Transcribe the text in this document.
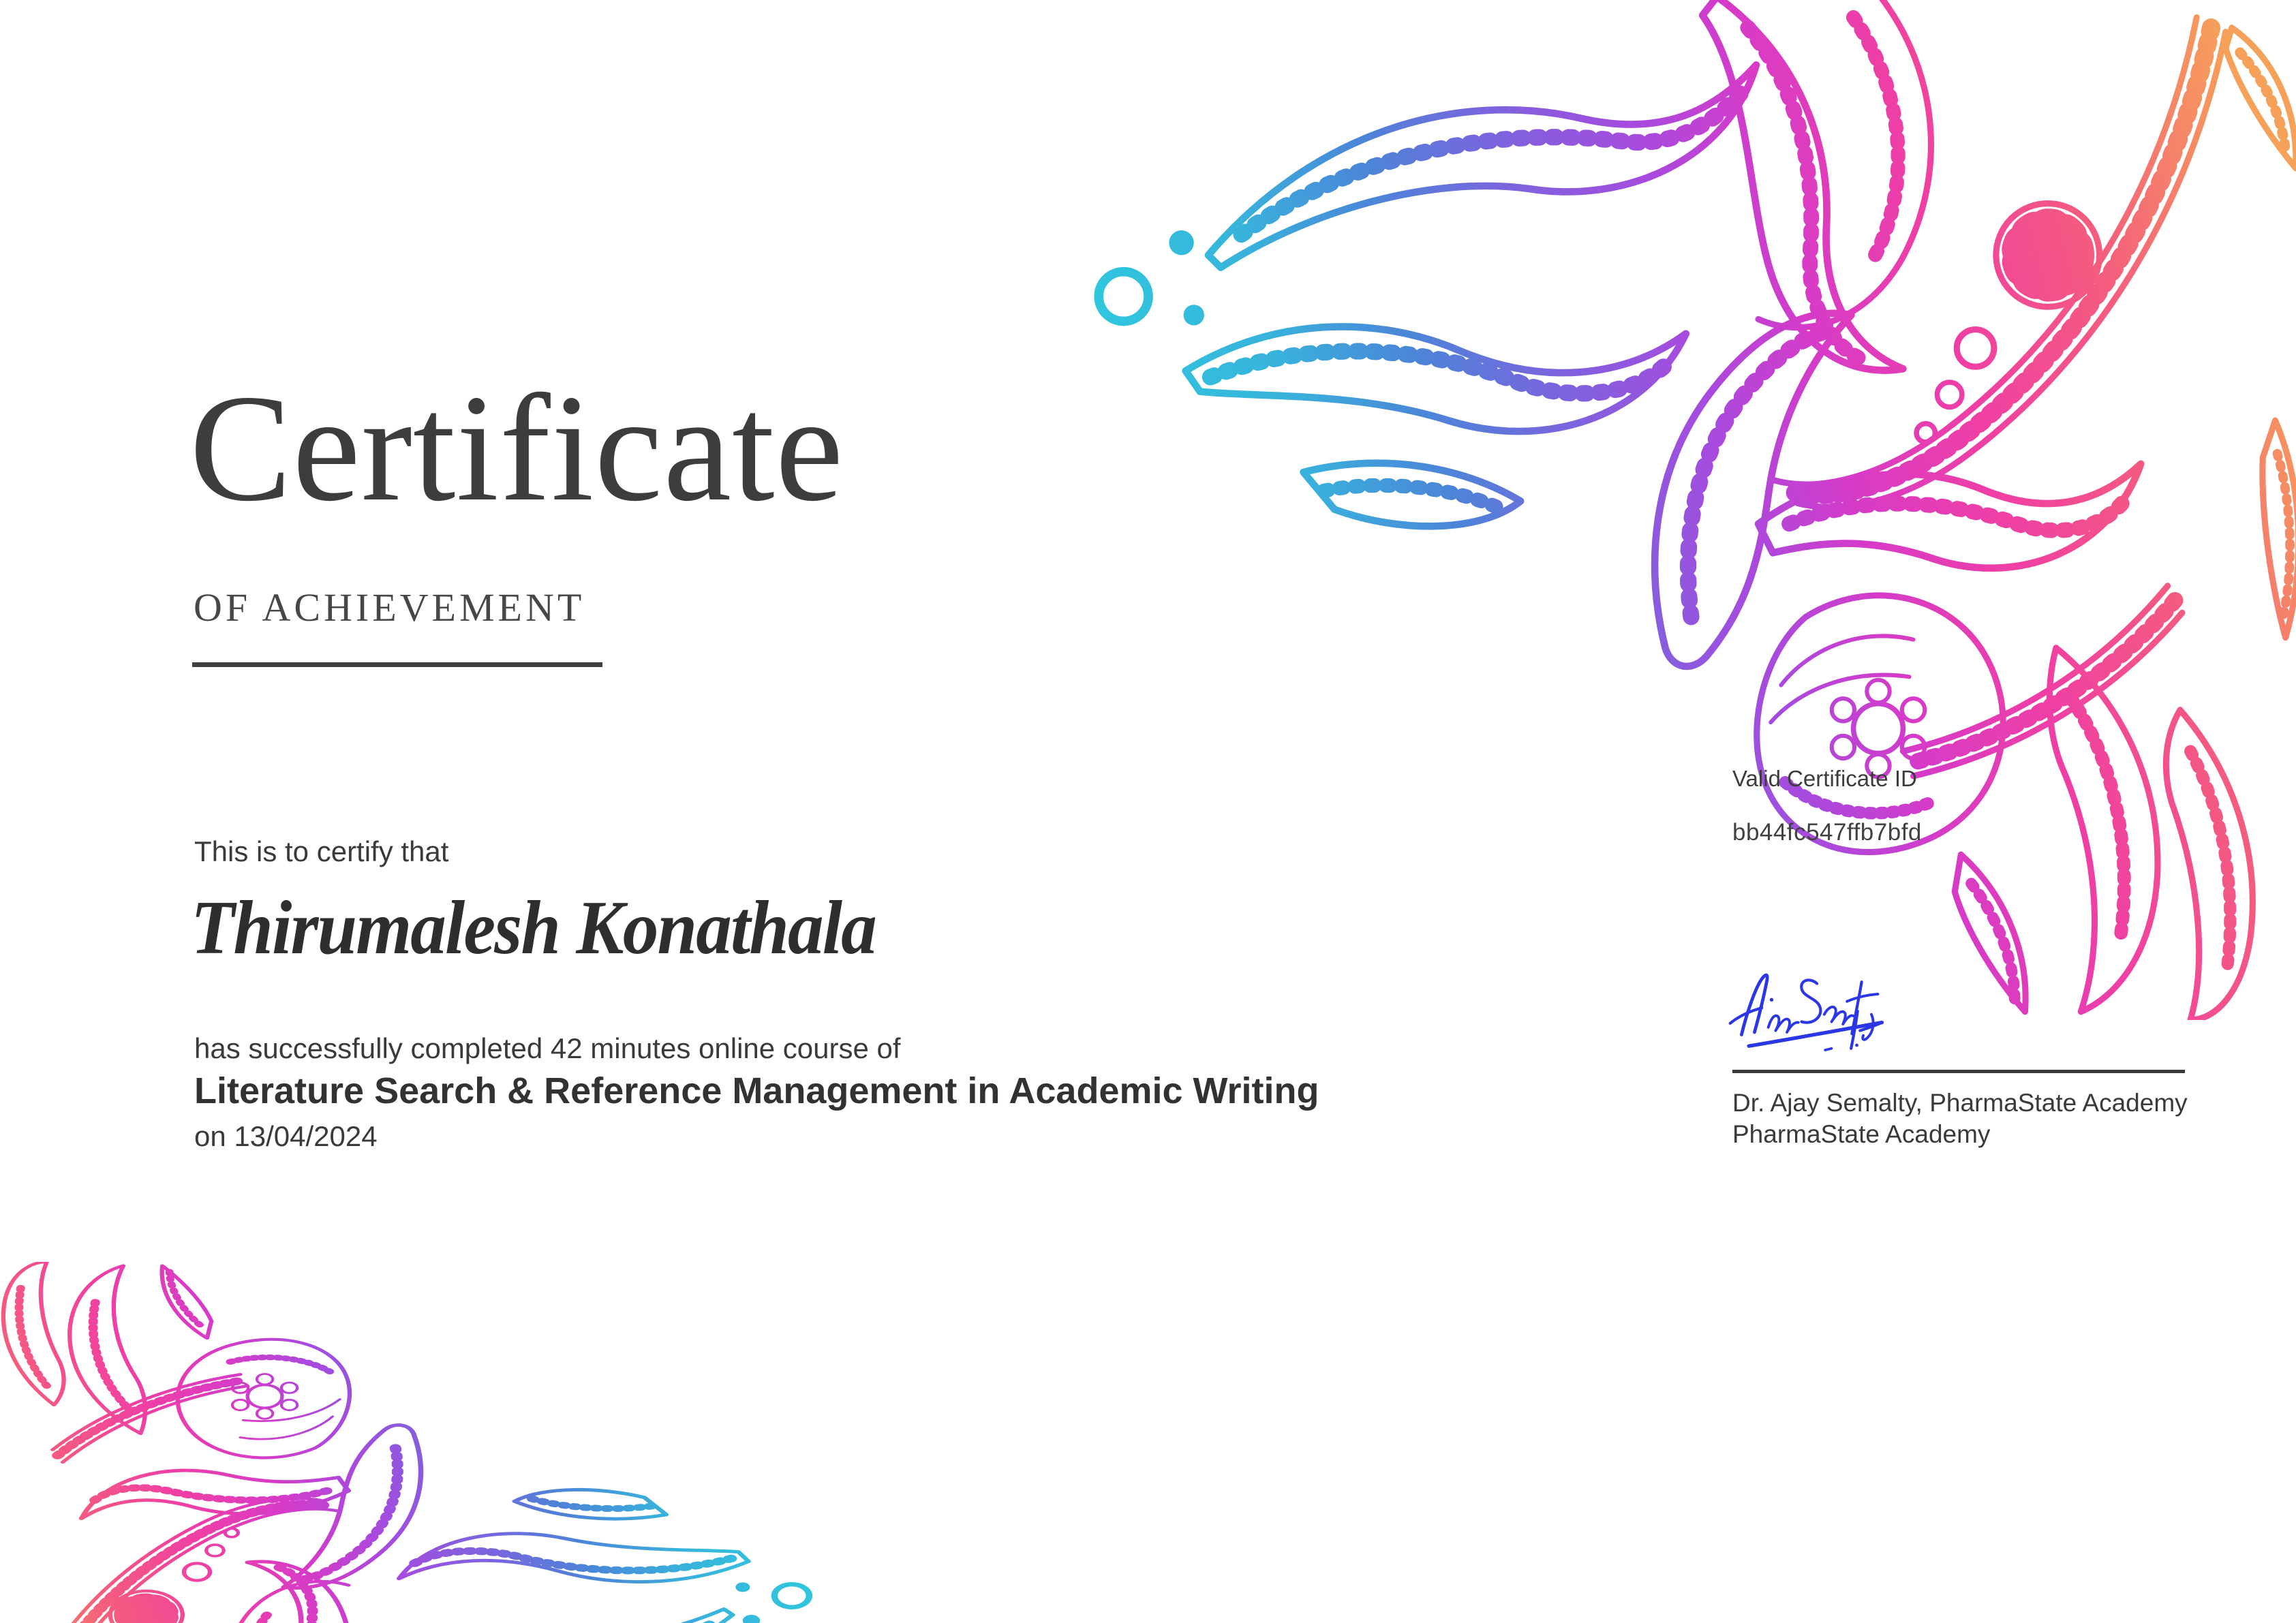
Certificate
OF ACHIEVEMENT
This is to certify that
Thirumalesh Konathala
has successfully completed 42 minutes online course of
Literature Search & Reference Management in Academic Writing
on 13/04/2024
Valid Certificate ID
bb44fc547ffb7bfd
Dr. Ajay Semalty, PharmaState Academy
PharmaState Academy
